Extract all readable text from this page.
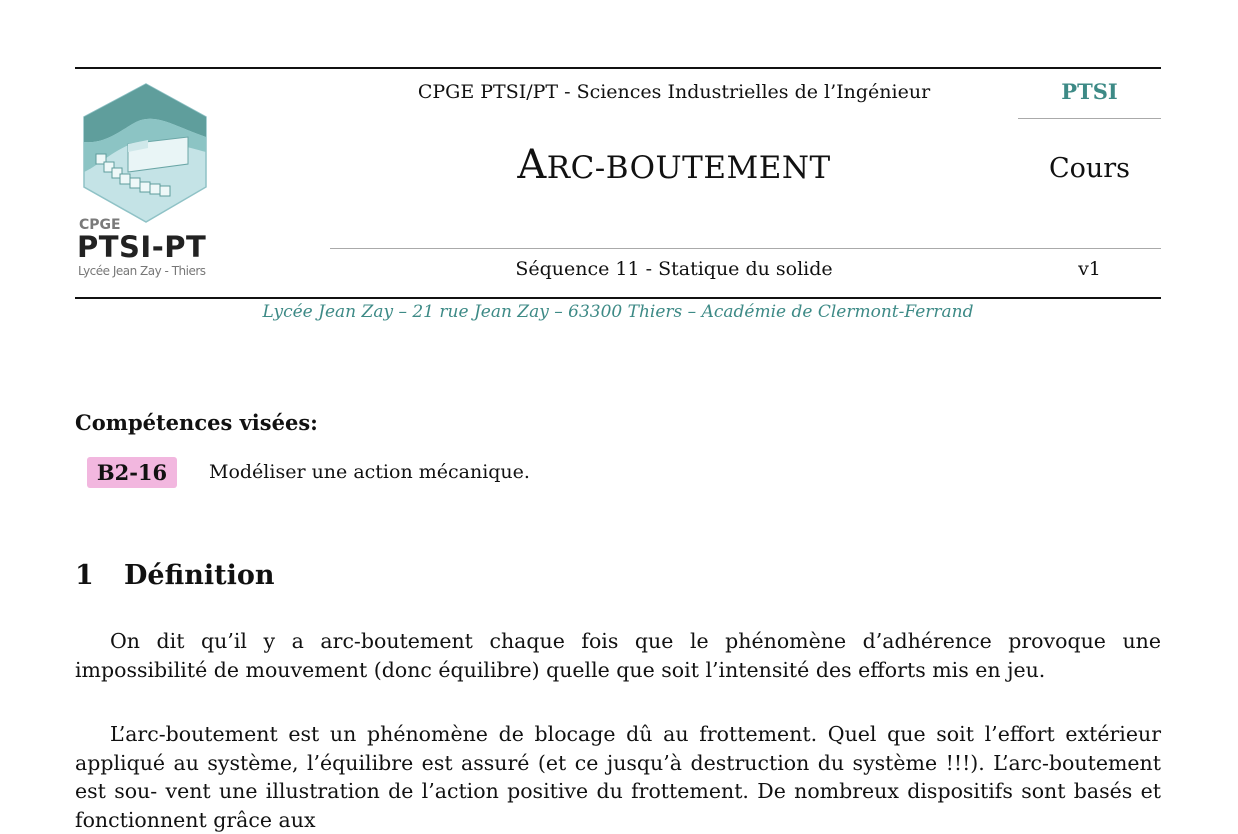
CPGE
PTSI-PT
Lycée Jean Zay - Thiers
CPGE PTSI/PT - Sciences Industrielles de l’Ingénieur
ARC-BOUTEMENT
Séquence 11 - Statique du solide
PTSI
Cours
v1
Lycée Jean Zay – 21 rue Jean Zay – 63300 Thiers – Académie de Clermont-Ferrand
Compétences visées:
B2-16	Modéliser une action mécanique.
1 Définition
On dit qu’il y a arc-boutement chaque fois que le phénomène d’adhérence provoque une impossibilité de mouvement (donc équilibre) quelle que soit l’intensité des efforts mis en jeu.
L’arc-boutement est un phénomène de blocage dû au frottement. Quel que soit l’effort extérieur appliqué au système, l’équilibre est assuré (et ce jusqu’à destruction du système !!!). L’arc-boutement est sou- vent une illustration de l’action positive du frottement. De nombreux dispositifs sont basés et fonctionnent grâce aux
